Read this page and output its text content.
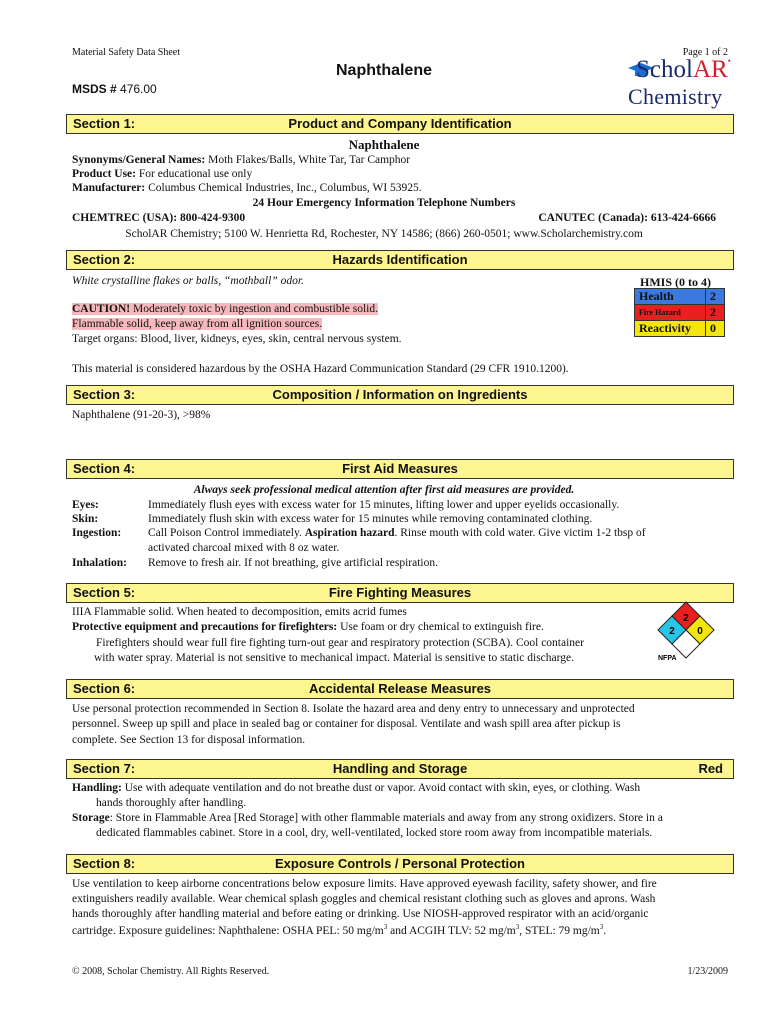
Material Safety Data Sheet	Page 1 of 2
Naphthalene
MSDS # 476.00
ScholAR•
Chemistry
Section 1:	Product and Company Identification
Naphthalene
Synonyms/General Names: Moth Flakes/Balls, White Tar, Tar Camphor
Product Use: For educational use only
Manufacturer: Columbus Chemical Industries, Inc., Columbus, WI 53925.
24 Hour Emergency Information Telephone Numbers
CHEMTREC (USA): 800-424-9300	CANUTEC (Canada): 613-424-6666
ScholAR Chemistry; 5100 W. Henrietta Rd, Rochester, NY 14586; (866) 260-0501; www.Scholarchemistry.com
Section 2:	Hazards Identification
White crystalline flakes or balls, “mothball” odor.
CAUTION! Moderately toxic by ingestion and combustible solid.
Flammable solid, keep away from all ignition sources.
Target organs: Blood, liver, kidneys, eyes, skin, central nervous system.
This material is considered hazardous by the OSHA Hazard Communication Standard (29 CFR 1910.1200).
HMIS (0 to 4)
Health	2
Fire Hazard	2
Reactivity	0
Section 3:	Composition / Information on Ingredients
Naphthalene (91-20-3), >98%
Section 4:	First Aid Measures
Always seek professional medical attention after first aid measures are provided.
Eyes:	Immediately flush eyes with excess water for 15 minutes, lifting lower and upper eyelids occasionally.
Skin:	Immediately flush skin with excess water for 15 minutes while removing contaminated clothing.
Ingestion: Call Poison Control immediately. Aspiration hazard. Rinse mouth with cold water. Give victim 1-2 tbsp of
activated charcoal mixed with 8 oz water.
Inhalation: Remove to fresh air. If not breathing, give artificial respiration.
Section 5:	Fire Fighting Measures
IIIA Flammable solid. When heated to decomposition, emits acrid fumes
Protective equipment and precautions for firefighters: Use foam or dry chemical to extinguish fire.
Firefighters should wear full fire fighting turn-out gear and respiratory protection (SCBA). Cool container
with water spray. Material is not sensitive to mechanical impact. Material is sensitive to static discharge.
2
2 0
NFPA
Section 6:	Accidental Release Measures
Use personal protection recommended in Section 8. Isolate the hazard area and deny entry to unnecessary and unprotected
personnel. Sweep up spill and place in sealed bag or container for disposal. Ventilate and wash spill area after pickup is
complete. See Section 13 for disposal information.
Section 7:	Handling and Storage	Red
Handling: Use with adequate ventilation and do not breathe dust or vapor. Avoid contact with skin, eyes, or clothing. Wash
hands thoroughly after handling.
Storage: Store in Flammable Area [Red Storage] with other flammable materials and away from any strong oxidizers. Store in a
dedicated flammables cabinet. Store in a cool, dry, well-ventilated, locked store room away from incompatible materials.
Section 8:	Exposure Controls / Personal Protection
Use ventilation to keep airborne concentrations below exposure limits. Have approved eyewash facility, safety shower, and fire
extinguishers readily available. Wear chemical splash goggles and chemical resistant clothing such as gloves and aprons. Wash
hands thoroughly after handling material and before eating or drinking. Use NIOSH-approved respirator with an acid/organic
cartridge. Exposure guidelines: Naphthalene: OSHA PEL: 50 $mg/m^3$ and ACGIH TLV: 52 $mg/m^3$, STEL: 79 $mg/m^3$.
© 2008, Scholar Chemistry. All Rights Reserved.	1/23/2009
